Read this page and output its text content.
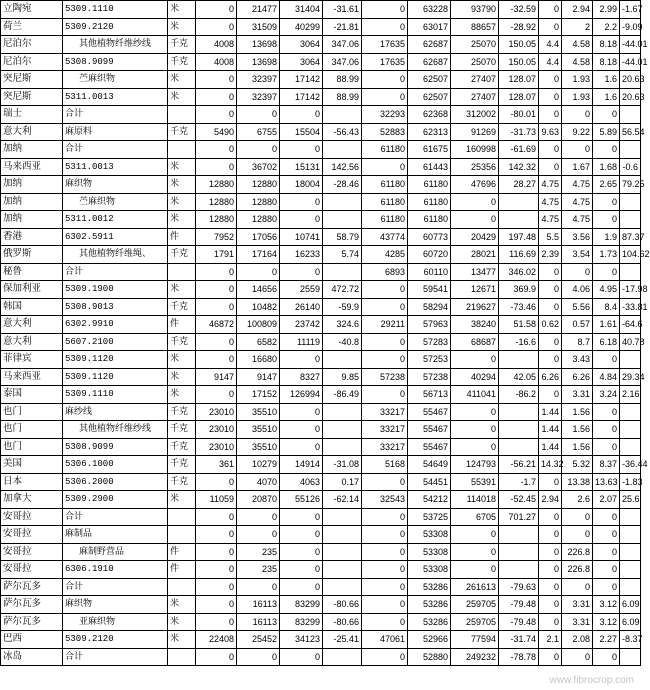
立陶宛	5309.1110	米	0	21477	31404	-31.61	0	63228	93790	-32.59	0	2.94	2.99	-1.67
荷兰	5309.2120	米	0	31509	40299	-21.81	0	63017	88657	-28.92	0	2	2.2	-9.09
尼泊尔	其他植物纤维纱线	千克	4008	13698	3064	347.06	17635	62687	25070	150.05	4.4	4.58	8.18	-44.01
尼泊尔	5308.9099	千克	4008	13698	3064	347.06	17635	62687	25070	150.05	4.4	4.58	8.18	-44.01
突尼斯	苎麻织物	米	0	32397	17142	88.99	0	62507	27407	128.07	0	1.93	1.6	20.63
突尼斯	5311.0013	米	0	32397	17142	88.99	0	62507	27407	128.07	0	1.93	1.6	20.63
瑞士	合计		0	0	0		32293	62368	312002	-80.01	0	0	0	
意大利	麻原料	千克	5490	6755	15504	-56.43	52883	62313	91269	-31.73	9.63	9.22	5.89	56.54
加纳	合计		0	0	0		61180	61675	160998	-61.69	0	0	0	
马来西亚	5311.0013	米	0	36702	15131	142.56	0	61443	25356	142.32	0	1.67	1.68	-0.6
加纳	麻织物	米	12880	12880	18004	-28.46	61180	61180	47696	28.27	4.75	4.75	2.65	79.25
加纳	苎麻织物	米	12880	12880	0		61180	61180	0		4.75	4.75	0	
加纳	5311.0012	米	12880	12880	0		61180	61180	0		4.75	4.75	0	
香港	6302.5911	件	7952	17056	10741	58.79	43774	60773	20429	197.48	5.5	3.56	1.9	87.37
俄罗斯	其他植物纤维绳、	千克	1791	17164	16233	5.74	4285	60720	28021	116.69	2.39	3.54	1.73	104.62
秘鲁	合计		0	0	0		6893	60110	13477	346.02	0	0	0	
保加利亚	5309.1900	米	0	14656	2559	472.72	0	59541	12671	369.9	0	4.06	4.95	-17.98
韩国	5308.9013	千克	0	10482	26140	-59.9	0	58294	219627	-73.46	0	5.56	8.4	-33.81
意大利	6302.9910	件	46872	100809	23742	324.6	29211	57963	38240	51.58	0.62	0.57	1.61	-64.6
意大利	5607.2100	千克	0	6582	11119	-40.8	0	57283	68687	-16.6	0	8.7	6.18	40.78
菲律宾	5309.1120	米	0	16680	0		0	57253	0		0	3.43	0	
马来西亚	5309.1120	米	9147	9147	8327	9.85	57238	57238	40294	42.05	6.26	6.26	4.84	29.34
泰国	5309.1110	米	0	17152	126994	-86.49	0	56713	411041	-86.2	0	3.31	3.24	2.16
也门	麻纱线	千克	23010	35510	0		33217	55467	0		1.44	1.56	0	
也门	其他植物纤维纱线	千克	23010	35510	0		33217	55467	0		1.44	1.56	0	
也门	5308.9099	千克	23010	35510	0		33217	55467	0		1.44	1.56	0	
美国	5306.1000	千克	361	10279	14914	-31.08	5168	54649	124793	-56.21	14.32	5.32	8.37	-36.44
日本	5306.2000	千克	0	4070	4063	0.17	0	54451	55391	-1.7	0	13.38	13.63	-1.83
加拿大	5309.2900	米	11059	20870	55126	-62.14	32543	54212	114018	-52.45	2.94	2.6	2.07	25.6
安哥拉	合计		0	0	0		0	53725	6705	701.27	0	0	0	
安哥拉	麻制品		0	0	0		0	53308	0		0	0	0	
安哥拉	麻制野营品	件	0	235	0		0	53308	0		0	226.8	0	
安哥拉	6306.1910	件	0	235	0		0	53308	0		0	226.8	0	
萨尔瓦多	合计		0	0	0		0	53286	261613	-79.63	0	0	0	
萨尔瓦多	麻织物	米	0	16113	83299	-80.66	0	53286	259705	-79.48	0	3.31	3.12	6.09
萨尔瓦多	亚麻织物	米	0	16113	83299	-80.66	0	53286	259705	-79.48	0	3.31	3.12	6.09
巴西	5309.2120	米	22408	25452	34123	-25.41	47061	52966	77594	-31.74	2.1	2.08	2.27	-8.37
冰岛	合计		0	0	0		0	52880	249232	-78.78	0	0	0	
www.fibrocrop.com
